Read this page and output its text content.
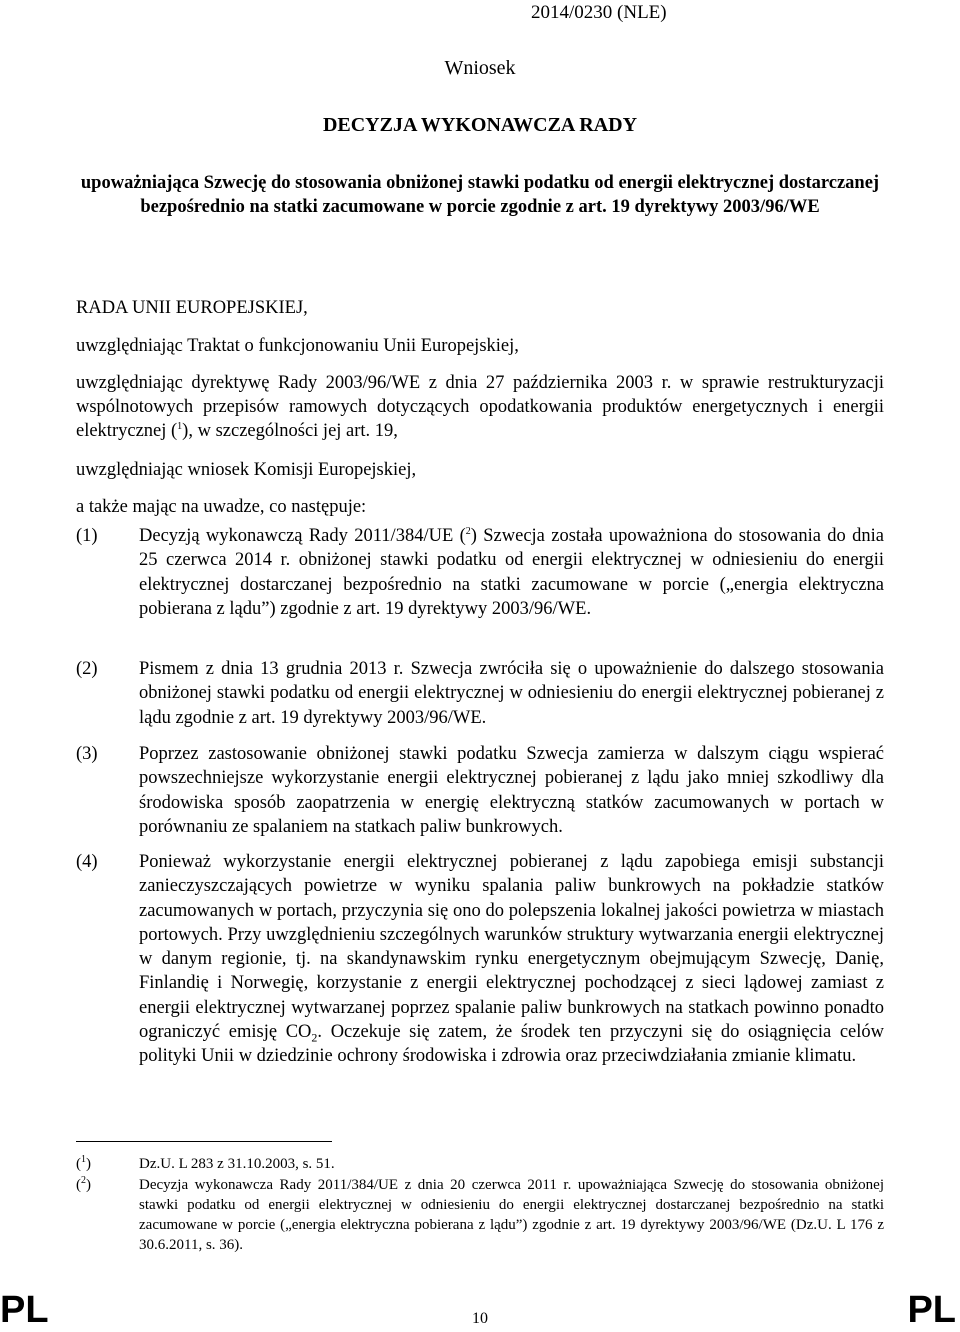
2014/0230 (NLE)
Wniosek
DECYZJA WYKONAWCZA RADY
upoważniająca Szwecję do stosowania obniżonej stawki podatku od energii elektrycznej dostarczanej bezpośrednio na statki zacumowane w porcie zgodnie z art. 19 dyrektywy 2003/96/WE
RADA UNII EUROPEJSKIEJ,
uwzględniając Traktat o funkcjonowaniu Unii Europejskiej,
uwzględniając dyrektywę Rady 2003/96/WE z dnia 27 października 2003 r. w sprawie restrukturyzacji wspólnotowych przepisów ramowych dotyczących opodatkowania produktów energetycznych i energii elektrycznej ($^1$), w szczególności jej art. 19,
uwzględniając wniosek Komisji Europejskiej,
a także mając na uwadze, co następuje:
(1) Decyzją wykonawczą Rady 2011/384/UE ($^2$) Szwecja została upoważniona do stosowania do dnia 25 czerwca 2014 r. obniżonej stawki podatku od energii elektrycznej w odniesieniu do energii elektrycznej dostarczanej bezpośrednio na statki zacumowane w porcie („energia elektryczna pobierana z lądu”) zgodnie z art. 19 dyrektywy 2003/96/WE.
(2) Pismem z dnia 13 grudnia 2013 r. Szwecja zwróciła się o upoważnienie do dalszego stosowania obniżonej stawki podatku od energii elektrycznej w odniesieniu do energii elektrycznej pobieranej z lądu zgodnie z art. 19 dyrektywy 2003/96/WE.
(3) Poprzez zastosowanie obniżonej stawki podatku Szwecja zamierza w dalszym ciągu wspierać powszechniejsze wykorzystanie energii elektrycznej pobieranej z lądu jako mniej szkodliwy dla środowiska sposób zaopatrzenia w energię elektryczną statków zacumowanych w portach w porównaniu ze spalaniem na statkach paliw bunkrowych.
(4) Ponieważ wykorzystanie energii elektrycznej pobieranej z lądu zapobiega emisji substancji zanieczyszczających powietrze w wyniku spalania paliw bunkrowych na pokładzie statków zacumowanych w portach, przyczynia się ono do polepszenia lokalnej jakości powietrza w miastach portowych. Przy uwzględnieniu szczególnych warunków struktury wytwarzania energii elektrycznej w danym regionie, tj. na skandynawskim rynku energetycznym obejmującym Szwecję, Danię, Finlandię i Norwegię, korzystanie z energii elektrycznej pochodzącej z sieci lądowej zamiast z energii elektrycznej wytwarzanej poprzez spalanie paliw bunkrowych na statkach powinno ponadto ograniczyć emisję $CO_2$. Oczekuje się zatem, że środek ten przyczyni się do osiągnięcia celów polityki Unii w dziedzinie ochrony środowiska i zdrowia oraz przeciwdziałania zmianie klimatu.
($^1$)	Dz.U. L 283 z 31.10.2003, s. 51.
($^2$)	Decyzja wykonawcza Rady 2011/384/UE z dnia 20 czerwca 2011 r. upoważniająca Szwecję do stosowania obniżonej stawki podatku od energii elektrycznej w odniesieniu do energii elektrycznej dostarczanej bezpośrednio na statki zacumowane w porcie („energia elektryczna pobierana z lądu”) zgodnie z art. 19 dyrektywy 2003/96/WE (Dz.U. L 176 z 30.6.2011, s. 36).
PL	10	PL
